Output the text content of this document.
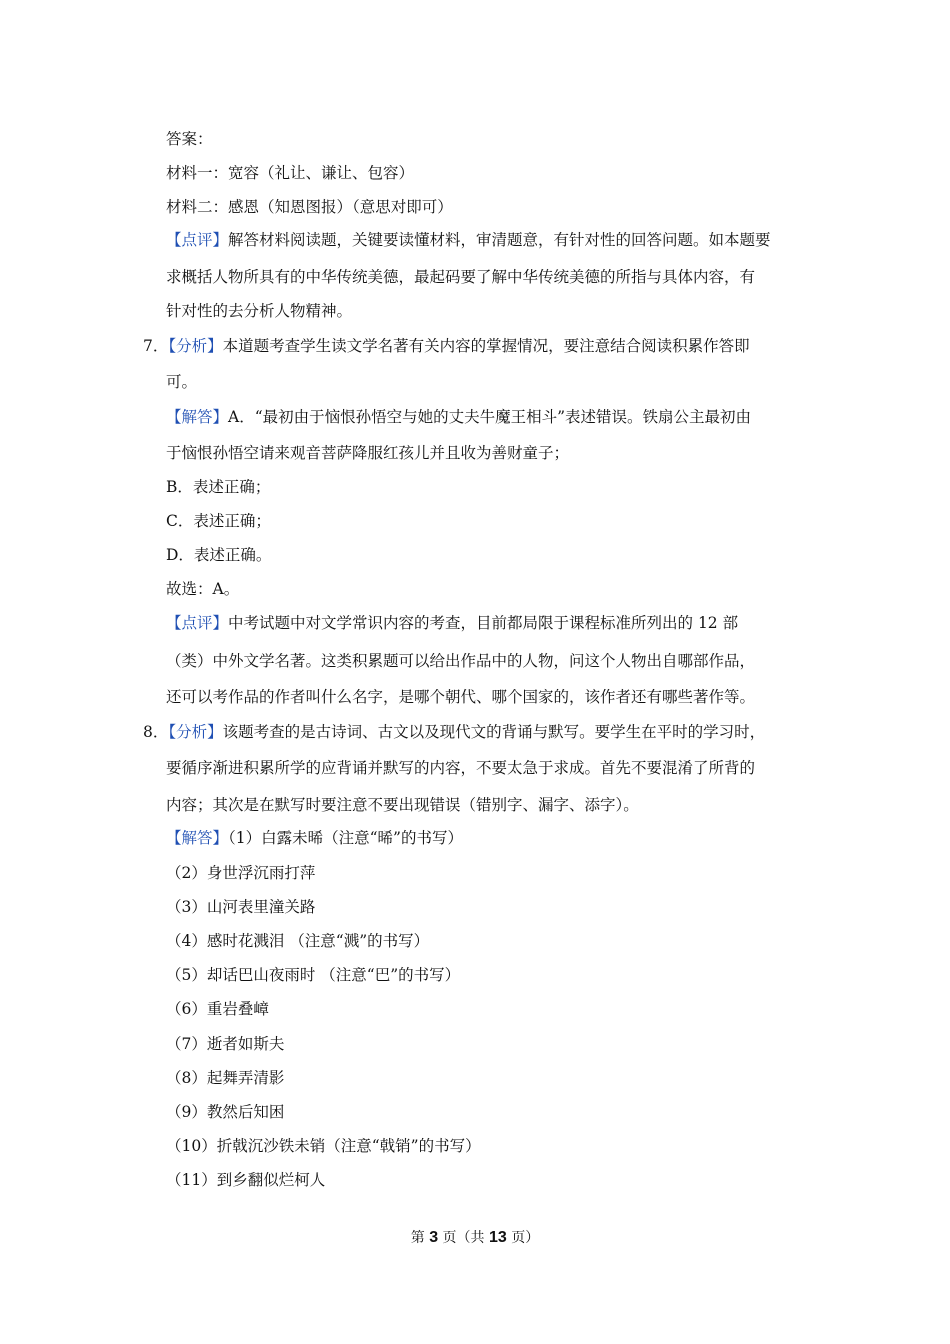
答案：
材料一：宽容（礼让、谦让、包容）
材料二：感恩（知恩图报）（意思对即可）
【点评】解答材料阅读题，关键要读懂材料，审清题意，有针对性的回答问题。如本题要
求概括人物所具有的中华传统美德，最起码要了解中华传统美德的所指与具体内容，有
针对性的去分析人物精神。
7．【分析】本道题考查学生读文学名著有关内容的掌握情况，要注意结合阅读积累作答即
可。
【解答】A．“最初由于恼恨孙悟空与她的丈夫牛魔王相斗”表述错误。铁扇公主最初由
于恼恨孙悟空请来观音菩萨降服红孩儿并且收为善财童子；
B．表述正确；
C．表述正确；
D．表述正确。
故选：A。
【点评】中考试题中对文学常识内容的考查，目前都局限于课程标准所列出的 12 部
（类）中外文学名著。这类积累题可以给出作品中的人物，问这个人物出自哪部作品，
还可以考作品的作者叫什么名字，是哪个朝代、哪个国家的，该作者还有哪些著作等。
8．【分析】该题考查的是古诗词、古文以及现代文的背诵与默写。要学生在平时的学习时，
要循序渐进积累所学的应背诵并默写的内容，不要太急于求成。首先不要混淆了所背的
内容；其次是在默写时要注意不要出现错误（错别字、漏字、添字）。
【解答】（1）白露未晞（注意“晞”的书写）
（2）身世浮沉雨打萍
（3）山河表里潼关路
（4）感时花溅泪 （注意“溅”的书写）
（5）却话巴山夜雨时 （注意“巴”的书写）
（6）重岩叠嶂
（7）逝者如斯夫
（8）起舞弄清影
（9）教然后知困
（10）折戟沉沙铁未销（注意“戟销”的书写）
（11）到乡翻似烂柯人
第 3 页（共 13 页）
